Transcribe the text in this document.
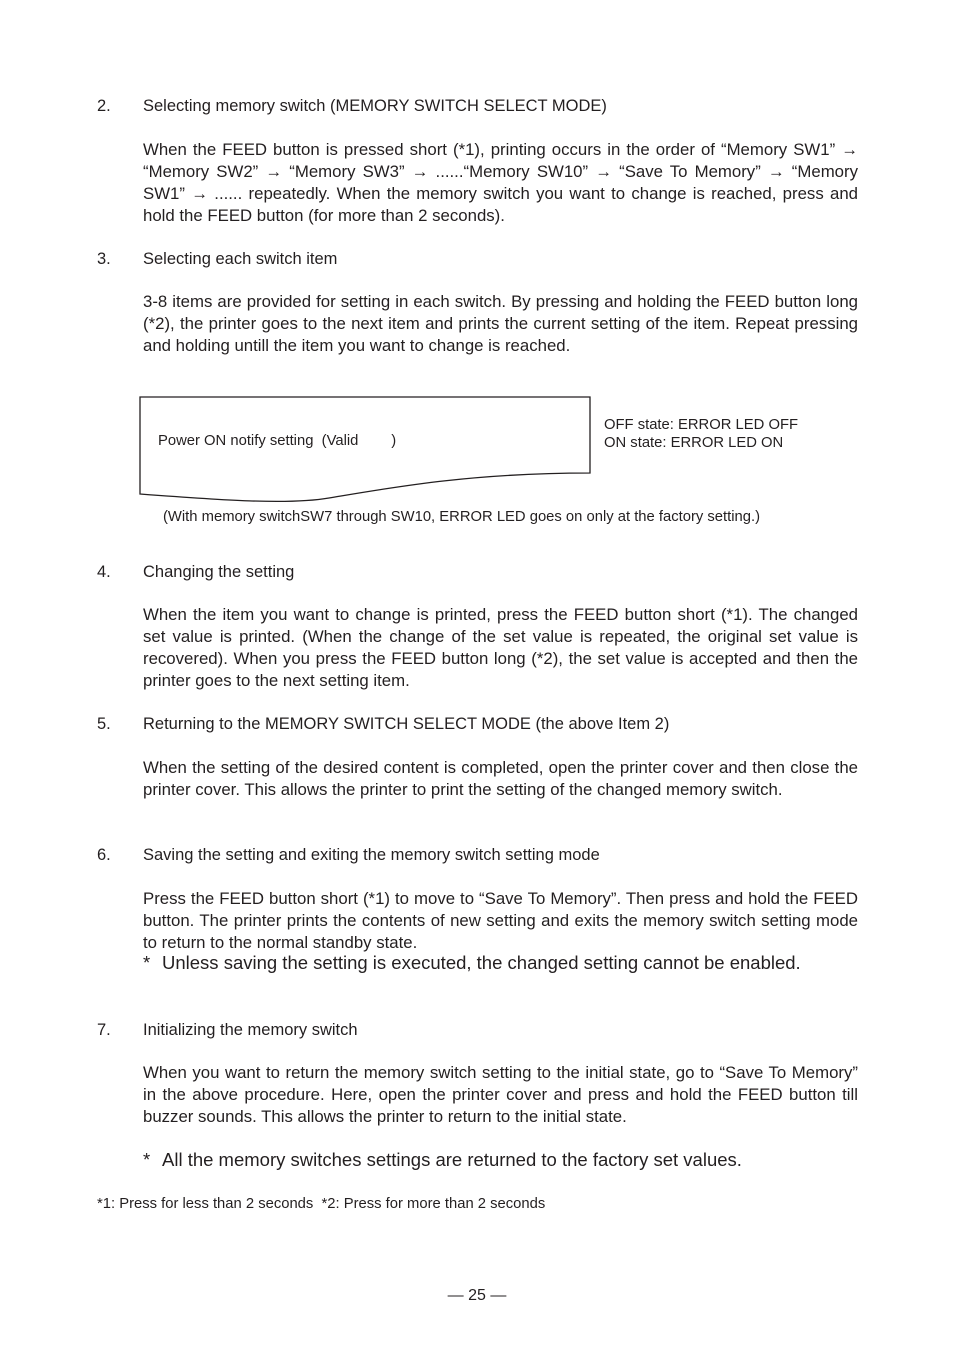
2. Selecting memory switch (MEMORY SWITCH SELECT MODE)
When the FEED button is pressed short (*1), printing occurs in the order of “Memory SW1” → “Memory SW2” → “Memory SW3” → ......“Memory SW10” → “Save To Memory” → “Memory SW1” → ...... repeatedly. When the memory switch you want to change is reached, press and hold the FEED button (for more than 2 seconds).
3. Selecting each switch item
3-8 items are provided for setting in each switch. By pressing and holding the FEED button long (*2), the printer goes to the next item and prints the current setting of the item. Repeat pressing and holding untill the item you want to change is reached.
Power ON notify setting  (Valid        )
OFF state: ERROR LED OFF
ON state: ERROR LED ON
(With memory switchSW7 through SW10, ERROR LED goes on only at the factory setting.)
4. Changing the setting
When the item you want to change is printed, press the FEED button short (*1). The changed set value is printed. (When the change of the set value is repeated, the original set value is recovered). When you press the FEED button long (*2), the set value is accepted and then the printer goes to the next setting item.
5. Returning to the MEMORY SWITCH SELECT MODE (the above Item 2)
When the setting of the desired content is completed, open the printer cover and then close the printer cover. This allows the printer to print the setting of the changed memory switch.
6. Saving the setting and exiting the memory switch setting mode
Press the FEED button short (*1) to move to “Save To Memory”. Then press and hold the FEED button. The printer prints the contents of new setting and exits the memory switch setting mode to return to the normal standby state.
* Unless saving the setting is executed, the changed setting cannot be enabled.
7. Initializing the memory switch
When you want to return the memory switch setting to the initial state, go to “Save To Memory” in the above procedure. Here, open the printer cover and press and hold the FEED button till buzzer sounds. This allows the printer to return to the initial state.
* All the memory switches settings are returned to the factory set values.
*1: Press for less than 2 seconds  *2: Press for more than 2 seconds
— 25 —
